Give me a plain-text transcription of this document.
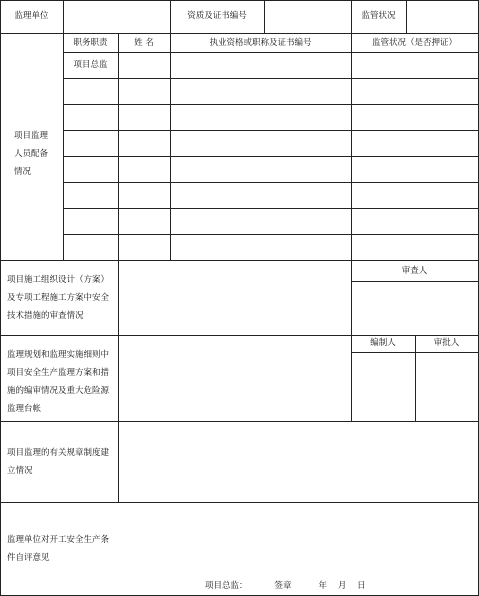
监理单位	资质及证书编号	监管状况
项目监理人员配备情况
职务职责	姓 名	执业资格或职称及证书编号	监管状况（是否押证）
项目总监
项目施工组织设计（方案）及专项工程施工方案中安全技术措施的审查情况
审查人
监理规划和监理实施细则中项目安全生产监理方案和措施的编审情况及重大危险源监理台帐
编制人	审批人
项目监理的有关规章制度建立情况
监理单位对开工安全生产条件自评意见
项目总监：          签章          年    月    日
